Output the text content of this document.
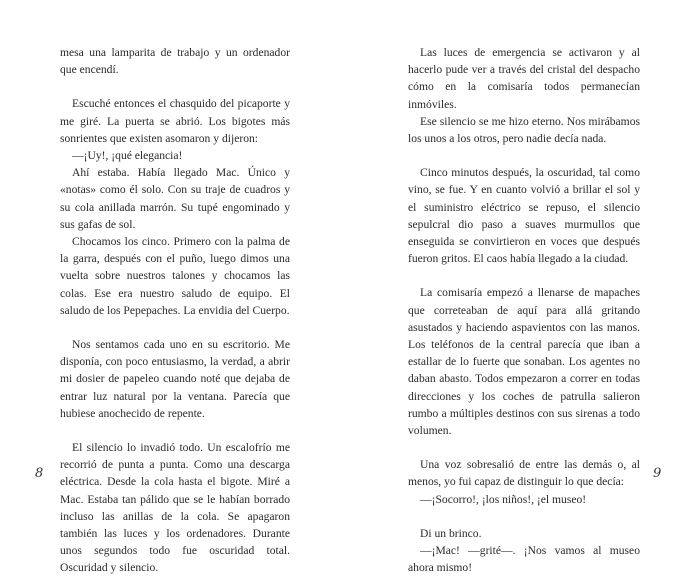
mesa una lamparita de trabajo y un ordenador que encendí.

Escuché entonces el chasquido del picaporte y me giré. La puerta se abrió. Los bigotes más sonrientes que existen asomaron y dijeron:

—¡Uy!, ¡qué elegancia!

Ahí estaba. Había llegado Mac. Único y «notas» como él solo. Con su traje de cuadros y su cola anillada marrón. Su tupé engominado y sus gafas de sol.

Chocamos los cinco. Primero con la palma de la garra, después con el puño, luego dimos una vuelta sobre nuestros talones y chocamos las colas. Ese era nuestro saludo de equipo. El saludo de los Pepepaches. La envidia del Cuerpo.

Nos sentamos cada uno en su escritorio. Me disponía, con poco entusiasmo, la verdad, a abrir mi dosier de papeleo cuando noté que dejaba de entrar luz natural por la ventana. Parecía que hubiese anochecido de repente.

El silencio lo invadió todo. Un escalofrío me recorrió de punta a punta. Como una descarga eléctrica. Desde la cola hasta el bigote. Miré a Mac. Estaba tan pálido que se le habían borrado incluso las anillas de la cola. Se apagaron también las luces y los ordenadores. Durante unos segundos todo fue oscuridad total. Oscuridad y silencio.

8

Las luces de emergencia se activaron y al hacerlo pude ver a través del cristal del despacho cómo en la comisaría todos permanecían inmóviles.

Ese silencio se me hizo eterno. Nos mirábamos los unos a los otros, pero nadie decía nada.

Cinco minutos después, la oscuridad, tal como vino, se fue. Y en cuanto volvió a brillar el sol y el suministro eléctrico se repuso, el silencio sepulcral dio paso a suaves murmullos que enseguida se convirtieron en voces que después fueron gritos. El caos había llegado a la ciudad.

La comisaría empezó a llenarse de mapaches que correteaban de aquí para allá gritando asustados y haciendo aspavientos con las manos. Los teléfonos de la central parecía que iban a estallar de lo fuerte que sonaban. Los agentes no daban abasto. Todos empezaron a correr en todas direcciones y los coches de patrulla salieron rumbo a múltiples destinos con sus sirenas a todo volumen.

Una voz sobresalió de entre las demás o, al menos, yo fui capaz de distinguir lo que decía:

—¡Socorro!, ¡los niños!, ¡el museo!

Di un brinco.

—¡Mac! —grité—. ¡Nos vamos al museo ahora mismo!

9
